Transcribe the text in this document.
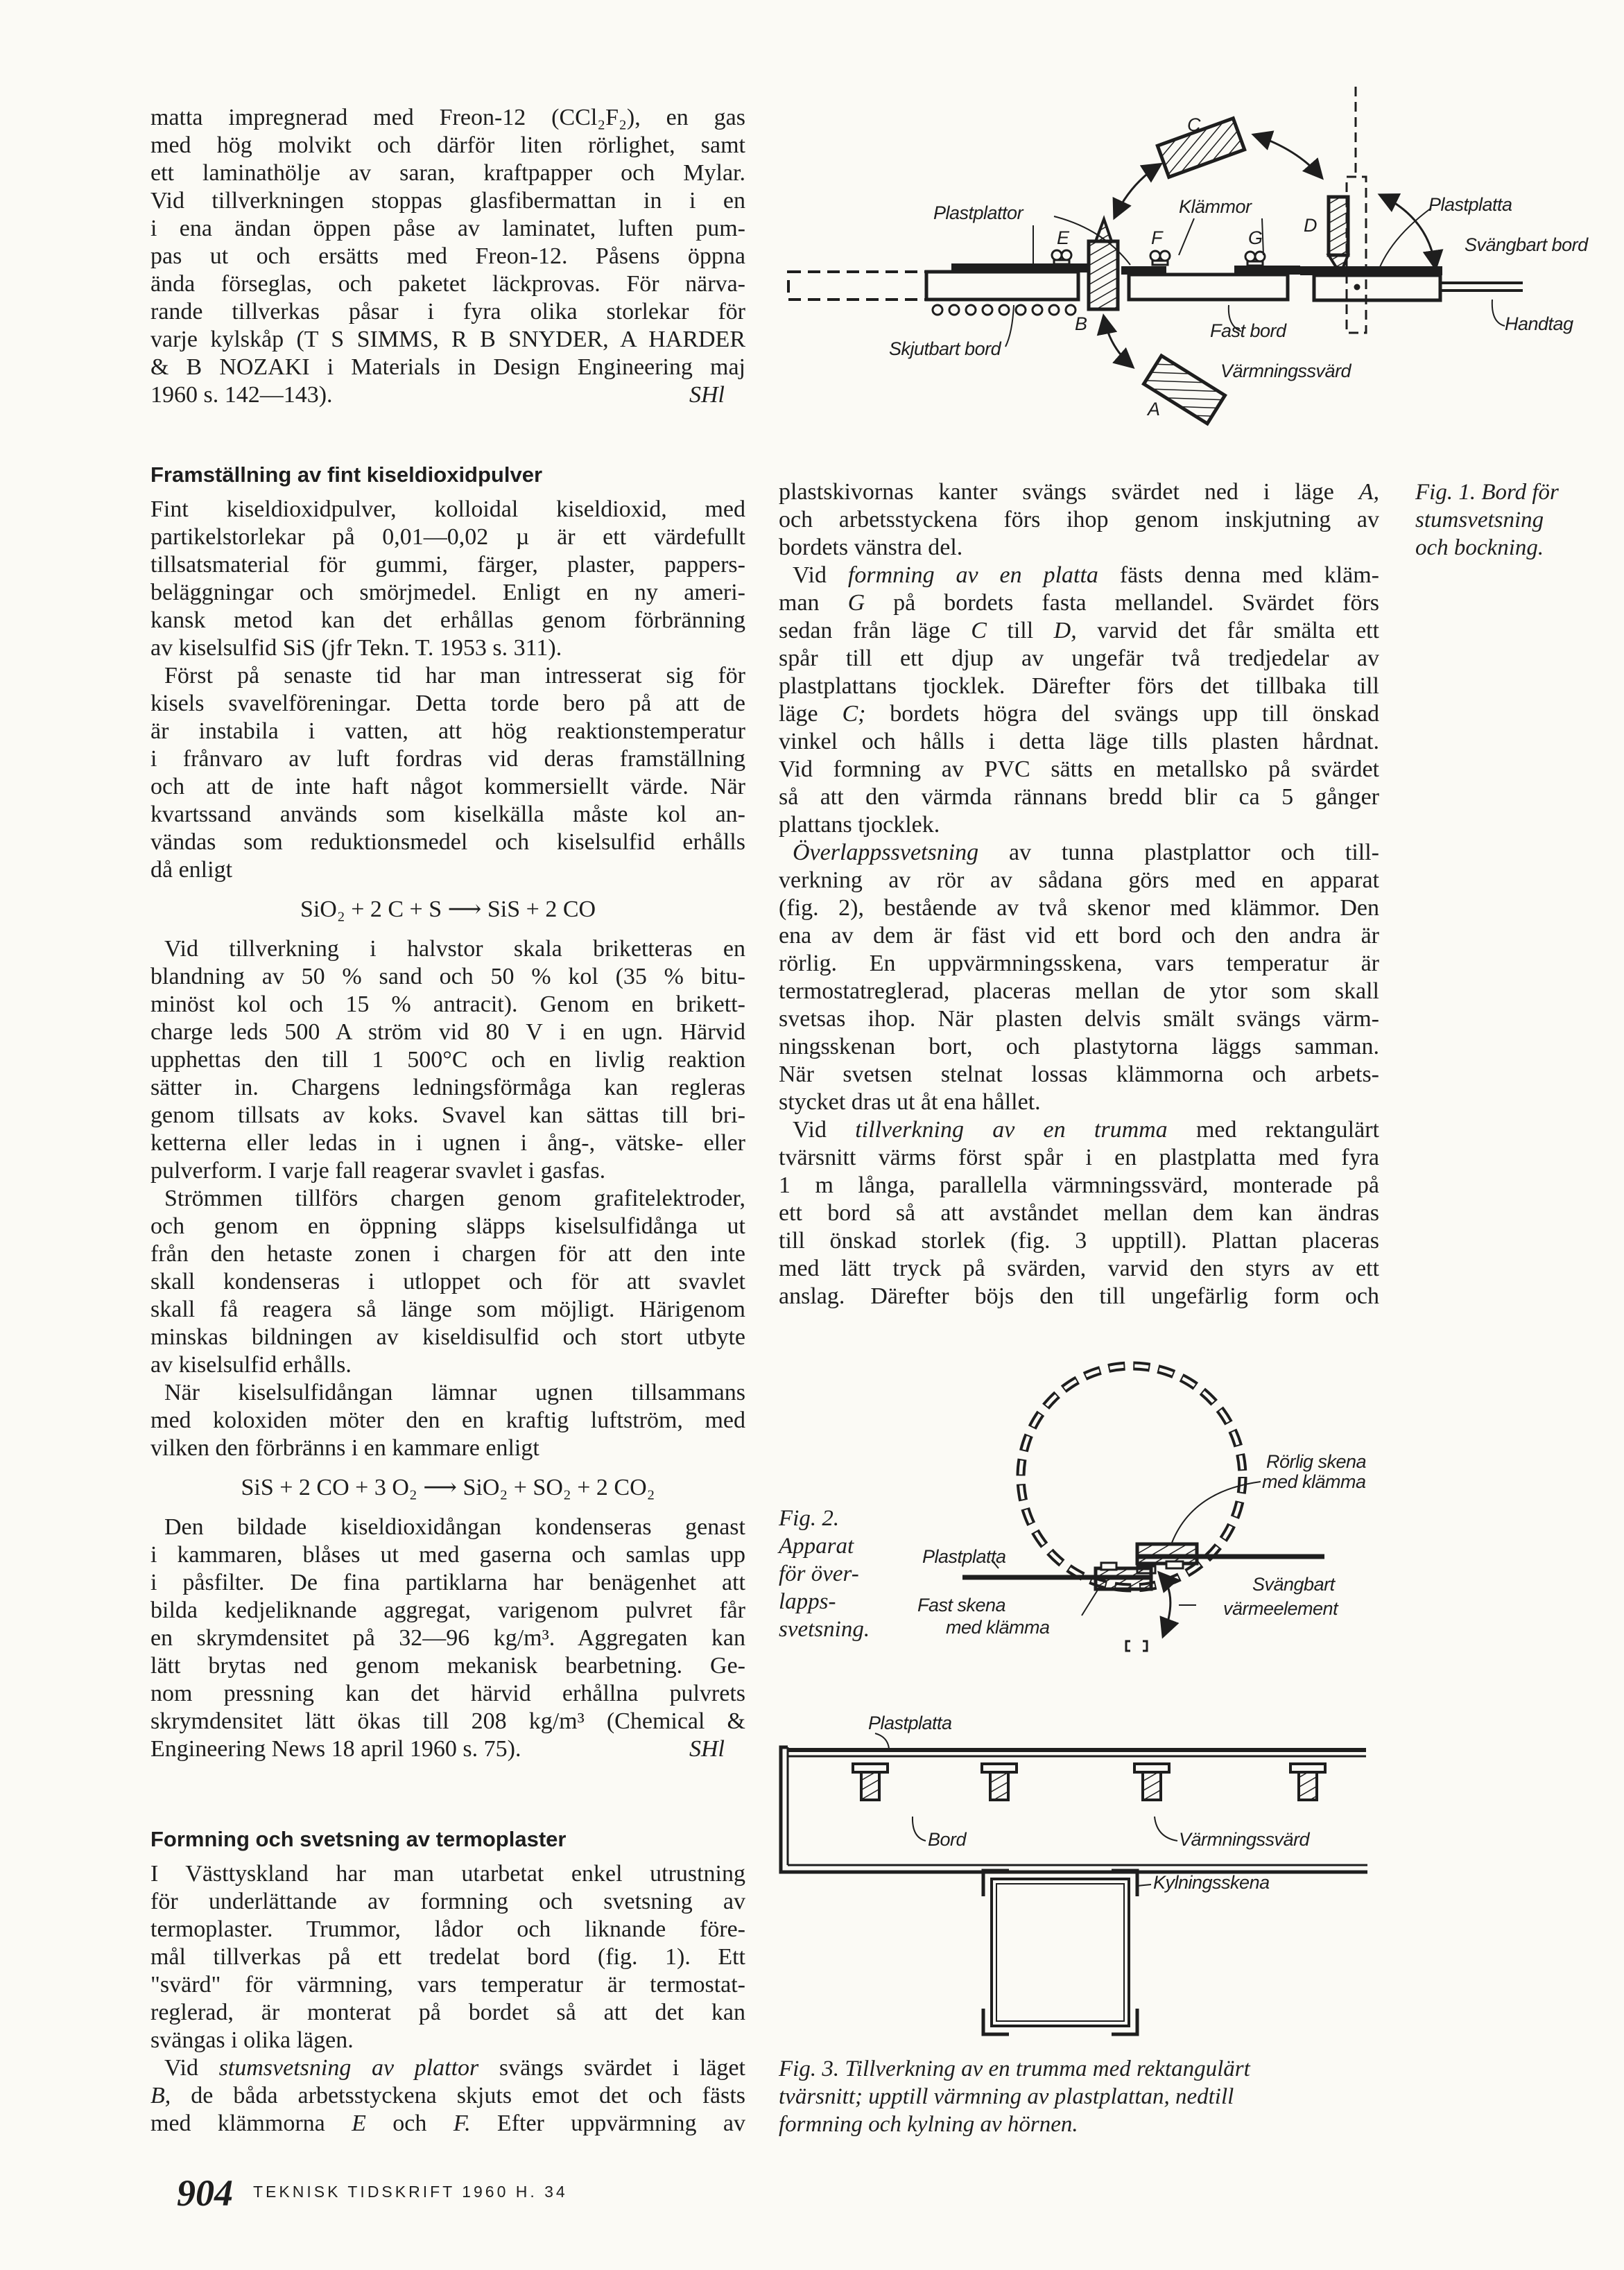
C
Plastplattor	Klämmor
E	F	G
D
Plastplatta
Svängbart bord
B	Fast bord
Skjutbart bord
Värmningssvärd
A
Handtag
Rörlig skena
med klämma
Plastplatta
Fast skena
med klämma
Svängbart
värmeelement
Plastplatta
Bord	Värmningssvärd
Kylningsskena
Fig. 1. Bord för
stumsvetsning
och bockning.
Fig. 2.
Apparat
för över-
lapps-
svetsning.
Fig. 3. Tillverkning av en trumma med rektangulärt
tvärsnitt; upptill värmning av plastplattan, nedtill
formning och kylning av hörnen.
matta impregnerad med Freon-12 (CCl₂F₂), en gas
med hög molvikt och därför liten rörlighet, samt
ett laminathölje av saran, kraftpapper och Mylar.
Vid tillverkningen stoppas glasfibermattan in i en
i ena ändan öppen påse av laminatet, luften pum-
pas ut och ersätts med Freon-12. Påsens öppna
ända förseglas, och paketet läckprovas. För närva-
rande tillverkas påsar i fyra olika storlekar för
varje kylskåp (T S SIMMS, R B SNYDER, A HARDER
& B NOZAKI i Materials in Design Engineering maj
1960 s. 142—143).	SHl
Framställning av fint kiseldioxidpulver
Fint kiseldioxidpulver, kolloidal kiseldioxid, med
partikelstorlekar på 0,01—0,02 µ är ett värdefullt
tillsatsmaterial för gummi, färger, plaster, pappers-
beläggningar och smörjmedel. Enligt en ny ameri-
kansk metod kan det erhållas genom förbränning
av kiselsulfid SiS (jfr Tekn. T. 1953 s. 311).
Först på senaste tid har man intresserat sig för
kisels svavelföreningar. Detta torde bero på att de
är instabila i vatten, att hög reaktionstemperatur
i frånvaro av luft fordras vid deras framställning
och att de inte haft något kommersiellt värde. När
kvartssand används som kiselkälla måste kol an-
vändas som reduktionsmedel och kiselsulfid erhålls
då enligt
SiO₂ + 2 C + S ⟶ SiS + 2 CO
Vid tillverkning i halvstor skala briketteras en
blandning av 50 % sand och 50 % kol (35 % bitu-
minöst kol och 15 % antracit). Genom en brikett-
charge leds 500 A ström vid 80 V i en ugn. Härvid
upphettas den till 1 500°C och en livlig reaktion
sätter in. Chargens ledningsförmåga kan regleras
genom tillsats av koks. Svavel kan sättas till bri-
ketterna eller ledas in i ugnen i ång-, vätske- eller
pulverform. I varje fall reagerar svavlet i gasfas.
Strömmen tillförs chargen genom grafitelektroder,
och genom en öppning släpps kiselsulfidånga ut
från den hetaste zonen i chargen för att den inte
skall kondenseras i utloppet och för att svavlet
skall få reagera så länge som möjligt. Härigenom
minskas bildningen av kiseldisulfid och stort utbyte
av kiselsulfid erhålls.
När kiselsulfidångan lämnar ugnen tillsammans
med koloxiden möter den en kraftig luftström, med
vilken den förbränns i en kammare enligt
SiS + 2 CO + 3 O₂ ⟶ SiO₂ + SO₂ + 2 CO₂
Den bildade kiseldioxidångan kondenseras genast
i kammaren, blåses ut med gaserna och samlas upp
i påsfilter. De fina partiklarna har benägenhet att
bilda kedjeliknande aggregat, varigenom pulvret får
en skrymdensitet på 32—96 kg/m³. Aggregaten kan
lätt brytas ned genom mekanisk bearbetning. Ge-
nom pressning kan det härvid erhållna pulvrets
skrymdensitet lätt ökas till 208 kg/m³ (Chemical &
Engineering News 18 april 1960 s. 75).	SHl
Formning och svetsning av termoplaster
I Västtyskland har man utarbetat enkel utrustning
för underlättande av formning och svetsning av
termoplaster. Trummor, lådor och liknande före-
mål tillverkas på ett tredelat bord (fig. 1). Ett
"svärd" för värmning, vars temperatur är termostat-
reglerad, är monterat på bordet så att det kan
svängas i olika lägen.
Vid stumsvetsning av plattor svängs svärdet i läget
B, de båda arbetsstyckena skjuts emot det och fästs
med klämmorna E och F. Efter uppvärmning av
plastskivornas kanter svängs svärdet ned i läge A,
och arbetsstyckena förs ihop genom inskjutning av
bordets vänstra del.
Vid formning av en platta fästs denna med kläm-
man G på bordets fasta mellandel. Svärdet förs
sedan från läge C till D, varvid det får smälta ett
spår till ett djup av ungefär två tredjedelar av
plastplattans tjocklek. Därefter förs det tillbaka till
läge C; bordets högra del svängs upp till önskad
vinkel och hålls i detta läge tills plasten hårdnat.
Vid formning av PVC sätts en metallsko på svärdet
så att den värmda rännans bredd blir ca 5 gånger
plattans tjocklek.
Överlappssvetsning av tunna plastplattor och till-
verkning av rör av sådana görs med en apparat
(fig. 2), bestående av två skenor med klämmor. Den
ena av dem är fäst vid ett bord och den andra är
rörlig. En uppvärmningsskena, vars temperatur är
termostatreglerad, placeras mellan de ytor som skall
svetsas ihop. När plasten delvis smält svängs värm-
ningsskenan bort, och plastytorna läggs samman.
När svetsen stelnat lossas klämmorna och arbets-
stycket dras ut åt ena hållet.
Vid tillverkning av en trumma med rektangulärt
tvärsnitt värms först spår i en plastplatta med fyra
1 m långa, parallella värmningssvärd, monterade på
ett bord så att avståndet mellan dem kan ändras
till önskad storlek (fig. 3 upptill). Plattan placeras
med lätt tryck på svärden, varvid den styrs av ett
anslag. Därefter böjs den till ungefärlig form och
904 TEKNISK TIDSKRIFT 1960 H. 34
